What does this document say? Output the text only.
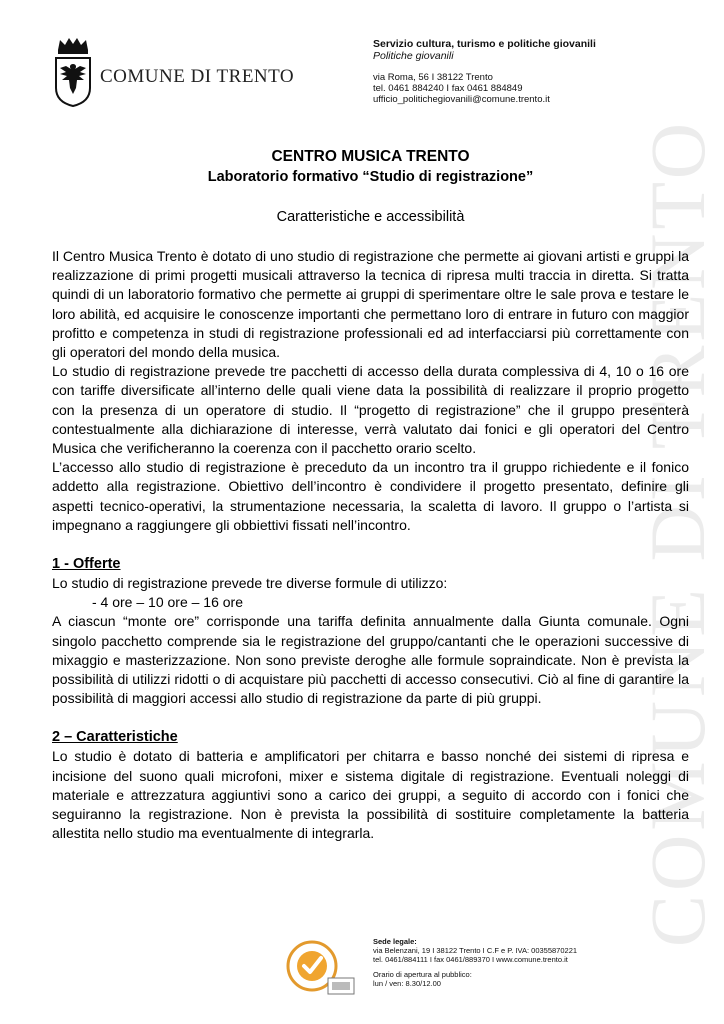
COMUNE DI TRENTO
COMUNE DI TRENTO
Servizio cultura, turismo e politiche giovanili
Politiche giovanili
via Roma, 56 I 38122 Trento
tel. 0461 884240 I fax 0461 884849
ufficio_politichegiovanili@comune.trento.it
CENTRO MUSICA TRENTO
Laboratorio formativo “Studio di registrazione”
Caratteristiche e accessibilità

Il Centro Musica Trento è dotato di uno studio di registrazione che permette ai giovani artisti e gruppi la realizzazione di primi progetti musicali attraverso la tecnica di ripresa multi traccia in diretta. Si tratta quindi di un laboratorio formativo che permette ai gruppi di sperimentare oltre le sale prova e testare le loro abilità, ed acquisire le conoscenze importanti che permettano loro di entrare in futuro con maggior profitto e competenza in studi di registrazione professionali ed ad interfacciarsi più correttamente con gli operatori del mondo della musica.

Lo studio di registrazione prevede tre pacchetti di accesso della durata complessiva di 4, 10 o 16 ore con tariffe diversificate all’interno delle quali viene data la possibilità di realizzare il proprio progetto con la presenza di un operatore di studio. Il “progetto di registrazione” che il gruppo presenterà contestualmente alla dichiarazione di interesse, verrà valutato dai fonici e gli operatori del Centro Musica che verificheranno la coerenza con il pacchetto orario scelto.

L’accesso allo studio di registrazione è preceduto da un incontro tra il gruppo richiedente e il fonico addetto alla registrazione. Obiettivo dell’incontro è condividere il progetto presentato, definire gli aspetti tecnico-operativi, la strumentazione necessaria, la scaletta di lavoro. Il gruppo o l’artista si impegnano a raggiungere gli obbiettivi fissati nell’incontro.

1 - Offerte

Lo studio di registrazione prevede tre diverse formule di utilizzo:

- 4 ore – 10 ore – 16 ore

A ciascun “monte ore” corrisponde una tariffa definita annualmente dalla Giunta comunale. Ogni singolo pacchetto comprende sia le registrazione del gruppo/cantanti che le operazioni successive di mixaggio e masterizzazione. Non sono previste deroghe alle formule sopraindicate. Non è prevista la possibilità di utilizzi ridotti o di acquistare più pacchetti di accesso consecutivi. Ciò al fine di garantire la possibilità di maggiori accessi allo studio di registrazione da parte di più gruppi.

2 – Caratteristiche

Lo studio è dotato di batteria e amplificatori per chitarra e basso nonché dei sistemi di ripresa e incisione del suono quali microfoni, mixer e sistema digitale di registrazione. Eventuali noleggi di materiale e attrezzatura aggiuntivi sono a carico dei gruppi, a seguito di accordo con i fonici che seguiranno la registrazione. Non è prevista la possibilità di sostituire completamente la batteria allestita nello studio ma eventualmente di integrarla.

Sede legale:
via Belenzani, 19 I 38122 Trento I C.F e P. IVA: 00355870221
tel. 0461/884111 I fax 0461/889370 I www.comune.trento.it
Orario di apertura al pubblico:
lun / ven: 8.30/12.00
